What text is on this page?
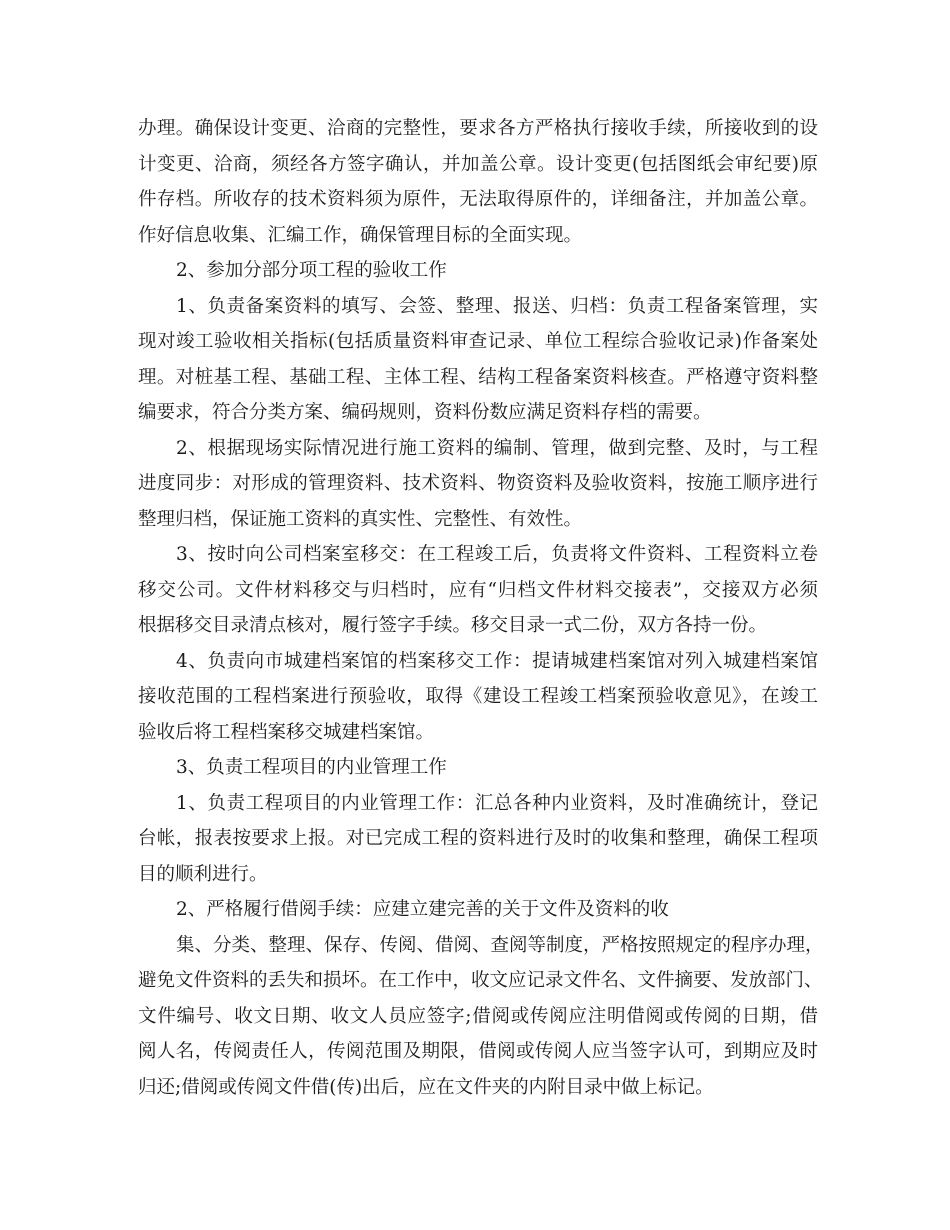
办理。确保设计变更、洽商的完整性，要求各方严格执行接收手续，所接收到的设
计变更、洽商，须经各方签字确认，并加盖公章。设计变更(包括图纸会审纪要)原
件存档。所收存的技术资料须为原件，无法取得原件的，详细备注，并加盖公章。
作好信息收集、汇编工作，确保管理目标的全面实现。
2、参加分部分项工程的验收工作
1、负责备案资料的填写、会签、整理、报送、归档：负责工程备案管理，实
现对竣工验收相关指标(包括质量资料审查记录、单位工程综合验收记录)作备案处
理。对桩基工程、基础工程、主体工程、结构工程备案资料核查。严格遵守资料整
编要求，符合分类方案、编码规则，资料份数应满足资料存档的需要。
2、根据现场实际情况进行施工资料的编制、管理，做到完整、及时，与工程
进度同步：对形成的管理资料、技术资料、物资资料及验收资料，按施工顺序进行
整理归档，保证施工资料的真实性、完整性、有效性。
3、按时向公司档案室移交：在工程竣工后，负责将文件资料、工程资料立卷
移交公司。文件材料移交与归档时，应有“归档文件材料交接表”，交接双方必须
根据移交目录清点核对，履行签字手续。移交目录一式二份，双方各持一份。
4、负责向市城建档案馆的档案移交工作：提请城建档案馆对列入城建档案馆
接收范围的工程档案进行预验收，取得《建设工程竣工档案预验收意见》，在竣工
验收后将工程档案移交城建档案馆。
3、负责工程项目的内业管理工作
1、负责工程项目的内业管理工作：汇总各种内业资料，及时准确统计，登记
台帐，报表按要求上报。对已完成工程的资料进行及时的收集和整理，确保工程项
目的顺利进行。
2、严格履行借阅手续：应建立建完善的关于文件及资料的收
集、分类、整理、保存、传阅、借阅、查阅等制度，严格按照规定的程序办理，
避免文件资料的丢失和损坏。在工作中，收文应记录文件名、文件摘要、发放部门、
文件编号、收文日期、收文人员应签字;借阅或传阅应注明借阅或传阅的日期，借
阅人名，传阅责任人，传阅范围及期限，借阅或传阅人应当签字认可，到期应及时
归还;借阅或传阅文件借(传)出后，应在文件夹的内附目录中做上标记。
